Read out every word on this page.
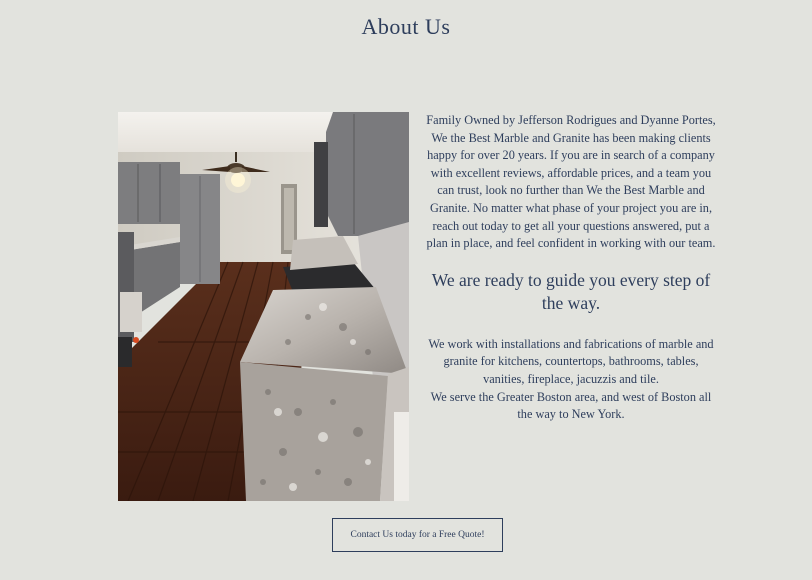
About Us

Family Owned by Jefferson Rodrigues and Dyanne Portes, We the Best Marble and Granite has been making clients happy for over 20 years. If you are in search of a company with excellent reviews, affordable prices, and a team you can trust, look no further than We the Best Marble and Granite. No matter what phase of your project you are in, reach out today to get all your questions answered, put a plan in place, and feel confident in working with our team.

We are ready to guide you every step of the way.

We work with installations and fabrications of marble and granite for kitchens, countertops, bathrooms, tables, vanities, fireplace, jacuzzis and tile.
We serve the Greater Boston area, and west of Boston all the way to New York.

Contact Us today for a Free Quote!
